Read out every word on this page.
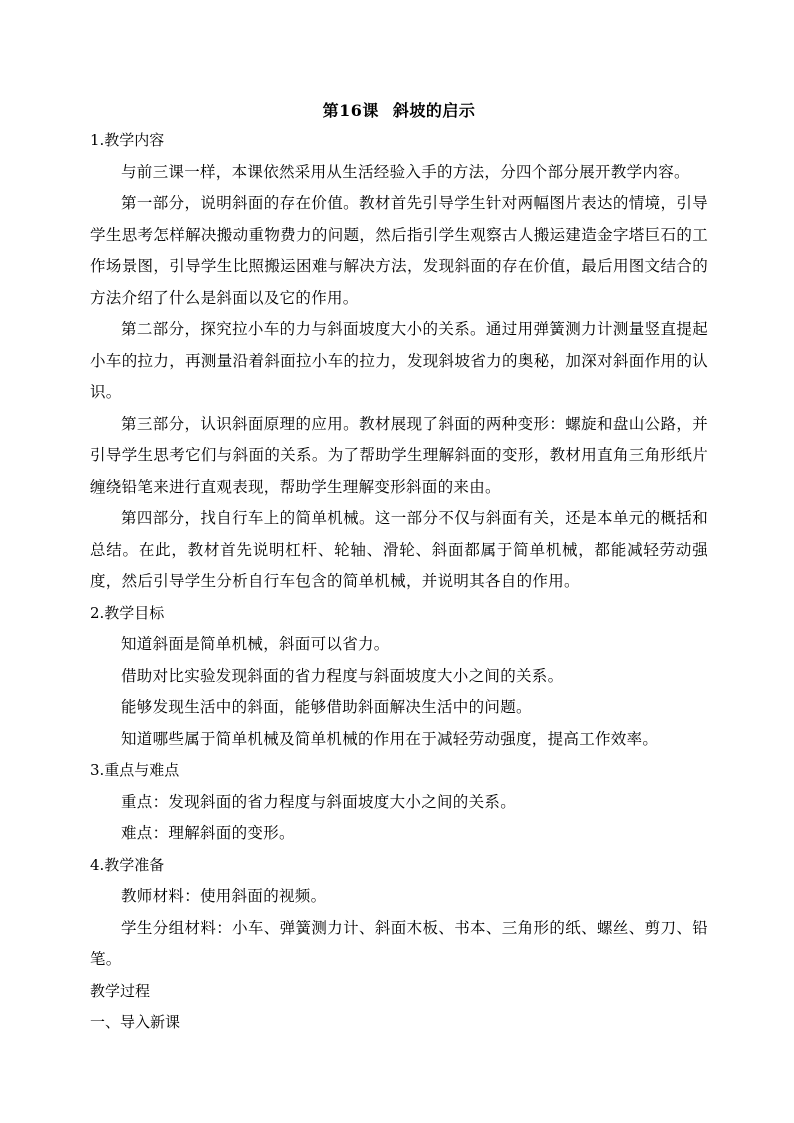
第16课 斜坡的启示

1.教学内容

与前三课一样，本课依然采用从生活经验入手的方法，分四个部分展开教学内容。

第一部分，说明斜面的存在价值。教材首先引导学生针对两幅图片表达的情境，引导学生思考怎样解决搬动重物费力的问题，然后指引学生观察古人搬运建造金字塔巨石的工作场景图，引导学生比照搬运困难与解决方法，发现斜面的存在价值，最后用图文结合的方法介绍了什么是斜面以及它的作用。

第二部分，探究拉小车的力与斜面坡度大小的关系。通过用弹簧测力计测量竖直提起小车的拉力，再测量沿着斜面拉小车的拉力，发现斜坡省力的奥秘，加深对斜面作用的认识。

第三部分，认识斜面原理的应用。教材展现了斜面的两种变形：螺旋和盘山公路，并引导学生思考它们与斜面的关系。为了帮助学生理解斜面的变形，教材用直角三角形纸片缠绕铅笔来进行直观表现，帮助学生理解变形斜面的来由。

第四部分，找自行车上的简单机械。这一部分不仅与斜面有关，还是本单元的概括和总结。在此，教材首先说明杠杆、轮轴、滑轮、斜面都属于简单机械，都能减轻劳动强度，然后引导学生分析自行车包含的简单机械，并说明其各自的作用。

2.教学目标

知道斜面是简单机械，斜面可以省力。

借助对比实验发现斜面的省力程度与斜面坡度大小之间的关系。

能够发现生活中的斜面，能够借助斜面解决生活中的问题。

知道哪些属于简单机械及简单机械的作用在于减轻劳动强度，提高工作效率。

3.重点与难点

重点：发现斜面的省力程度与斜面坡度大小之间的关系。

难点：理解斜面的变形。

4.教学准备

教师材料：使用斜面的视频。

学生分组材料：小车、弹簧测力计、斜面木板、书本、三角形的纸、螺丝、剪刀、铅笔。

教学过程

一、导入新课
